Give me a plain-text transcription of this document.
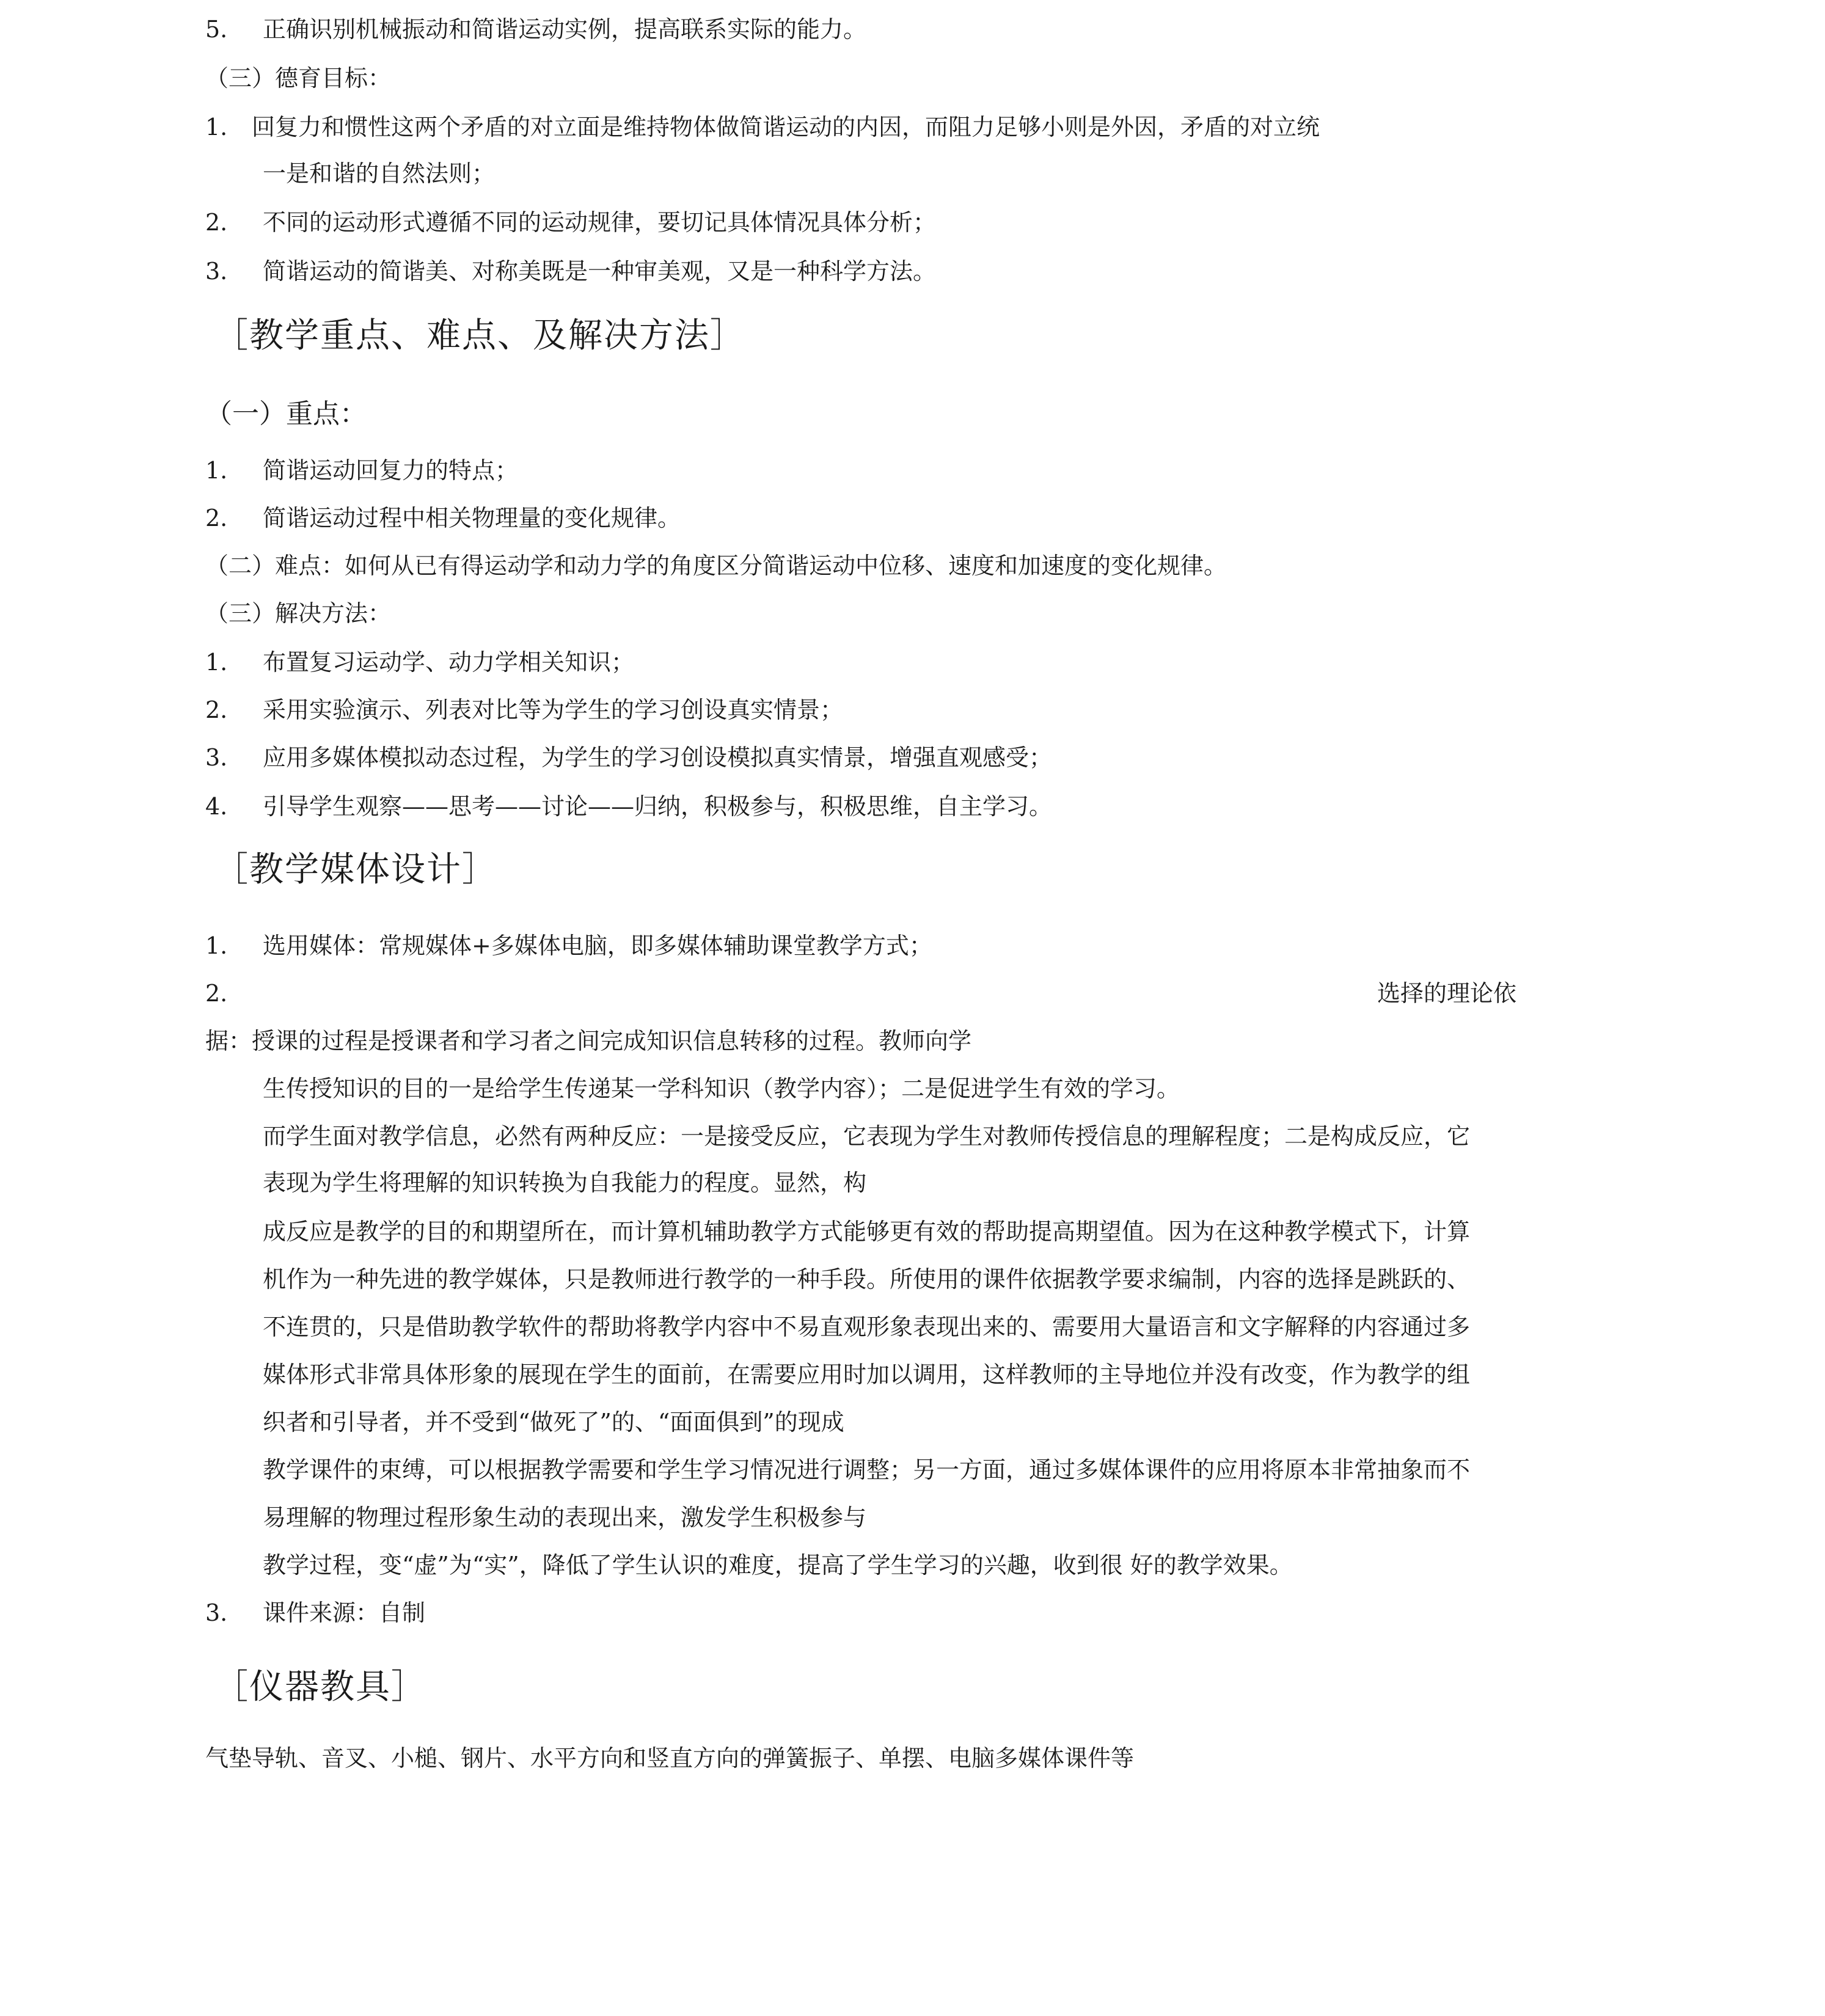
5. 正确识别机械振动和简谐运动实例，提高联系实际的能力。
（三）德育目标：
1. 回复力和惯性这两个矛盾的对立面是维持物体做简谐运动的内因，而阻力足够小则是外因，矛盾的对立统
一是和谐的自然法则；
2. 不同的运动形式遵循不同的运动规律，要切记具体情况具体分析；
3. 简谐运动的简谐美、对称美既是一种审美观，又是一种科学方法。
［教学重点、难点、及解决方法］
（一）重点：
1. 简谐运动回复力的特点；
2. 简谐运动过程中相关物理量的变化规律。
（二）难点：如何从已有得运动学和动力学的角度区分简谐运动中位移、速度和加速度的变化规律。
（三）解决方法：
1. 布置复习运动学、动力学相关知识；
2. 采用实验演示、列表对比等为学生的学习创设真实情景；
3. 应用多媒体模拟动态过程，为学生的学习创设模拟真实情景，增强直观感受；
4. 引导学生观察——思考——讨论——归纳，积极参与，积极思维，自主学习。
［教学媒体设计］
1. 选用媒体：常规媒体+多媒体电脑，即多媒体辅助课堂教学方式；
2.	选择的理论依
据：授课的过程是授课者和学习者之间完成知识信息转移的过程。教师向学
生传授知识的目的一是给学生传递某一学科知识（教学内容）；二是促进学生有效的学习。
而学生面对教学信息，必然有两种反应：一是接受反应，它表现为学生对教师传授信息的理解程度；二是构成反应，它
表现为学生将理解的知识转换为自我能力的程度。显然，构
成反应是教学的目的和期望所在，而计算机辅助教学方式能够更有效的帮助提高期望值。因为在这种教学模式下，计算
机作为一种先进的教学媒体，只是教师进行教学的一种手段。所使用的课件依据教学要求编制，内容的选择是跳跃的、
不连贯的，只是借助教学软件的帮助将教学内容中不易直观形象表现出来的、需要用大量语言和文字解释的内容通过多
媒体形式非常具体形象的展现在学生的面前，在需要应用时加以调用，这样教师的主导地位并没有改变，作为教学的组
织者和引导者，并不受到“做死了”的、“面面俱到”的现成
教学课件的束缚，可以根据教学需要和学生学习情况进行调整；另一方面，通过多媒体课件的应用将原本非常抽象而不
易理解的物理过程形象生动的表现出来，激发学生积极参与
教学过程，变“虚”为“实”，降低了学生认识的难度，提高了学生学习的兴趣，收到很 好的教学效果。
3. 课件来源：自制
［仪器教具］
气垫导轨、音叉、小槌、钢片、水平方向和竖直方向的弹簧振子、单摆、电脑多媒体课件等
